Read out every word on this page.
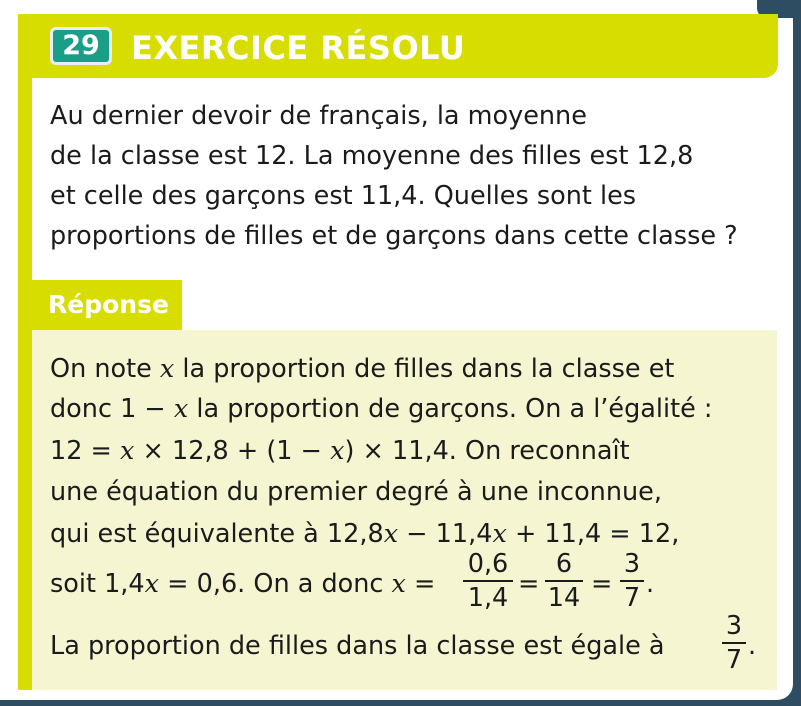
29 EXERCICE RÉSOLU
Au dernier devoir de français, la moyenne
de la classe est 12. La moyenne des filles est 12,8
et celle des garçons est 11,4. Quelles sont les
proportions de filles et de garçons dans cette classe ?
Réponse
On note x la proportion de filles dans la classe et
donc 1 − x la proportion de garçons. On a l’égalité :
12 = x × 12,8 + (1 − x) × 11,4. On reconnaît
une équation du premier degré à une inconnue,
qui est équivalente à 12,8x − 11,4x + 11,4 = 12,
soit 1,4x = 0,6. On a donc x =
0,6
1,4 =
6
14 =
3
7 .
La proportion de filles dans la classe est égale à
3
7 .
